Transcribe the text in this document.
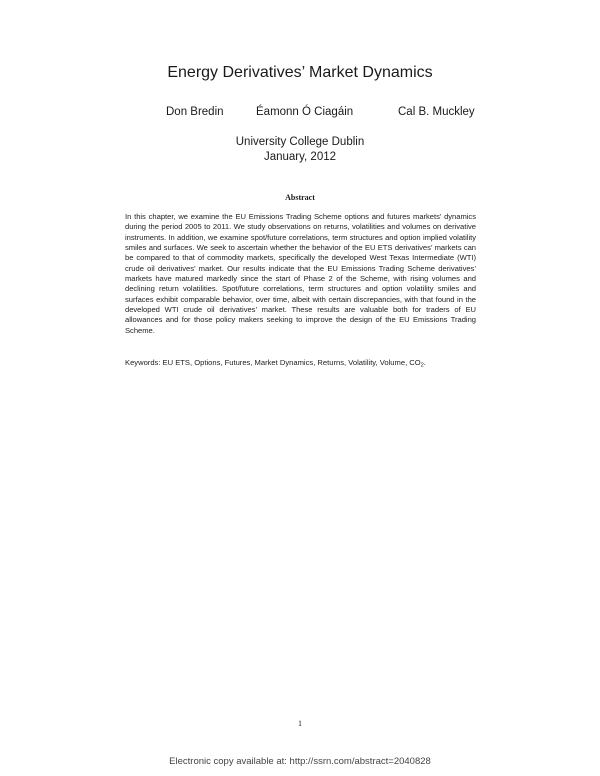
Energy Derivatives’ Market Dynamics
Don Bredin	Éamonn Ó Ciagáin	Cal B. Muckley
University College Dublin
January, 2012
Abstract
In this chapter, we examine the EU Emissions Trading Scheme options and futures markets’ dynamics during the period 2005 to 2011. We study observations on returns, volatilities and volumes on derivative instruments. In addition, we examine spot/future correlations, term structures and option implied volatility smiles and surfaces. We seek to ascertain whether the behavior of the EU ETS derivatives’ markets can be compared to that of commodity markets, specifically the developed West Texas Intermediate (WTI) crude oil derivatives’ market. Our results indicate that the EU Emissions Trading Scheme derivatives’ markets have matured markedly since the start of Phase 2 of the Scheme, with rising volumes and declining return volatilities. Spot/future correlations, term structures and option volatility smiles and surfaces exhibit comparable behavior, over time, albeit with certain discrepancies, with that found in the developed WTI crude oil derivatives’ market. These results are valuable both for traders of EU allowances and for those policy makers seeking to improve the design of the EU Emissions Trading Scheme.
Keywords: EU ETS, Options, Futures, Market Dynamics, Returns, Volatility, Volume, CO2.
1
Electronic copy available at: http://ssrn.com/abstract=2040828
